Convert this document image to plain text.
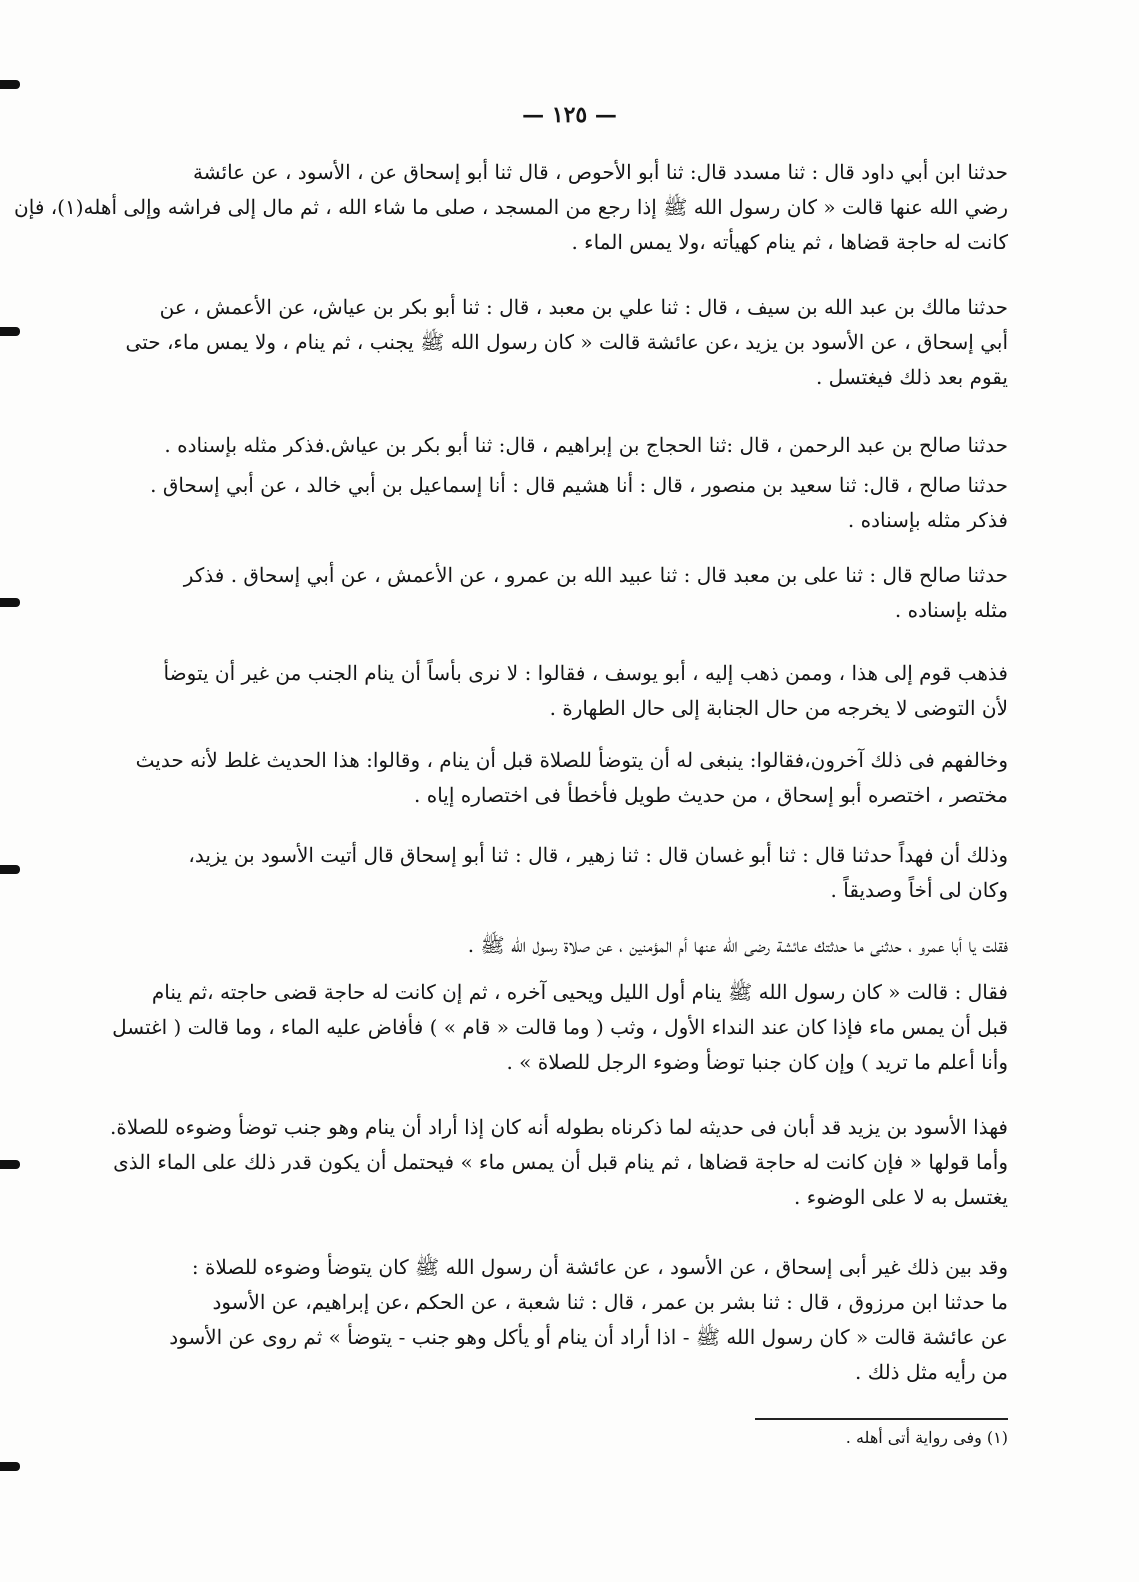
— ١٢٥ —
حدثنا ابن أبي داود قال : ثنا مسدد قال: ثنا أبو الأحوص ، قال ثنا أبو إسحاق عن ، الأسود ، عن عائشة
رضي الله عنها قالت « كان رسول الله ﷺ إذا رجع من المسجد ، صلى ما شاء الله ، ثم مال إلى فراشه وإلى أهله(١)، فإن
كانت له حاجة قضاها ، ثم ينام كهيأته ،ولا يمس الماء .
حدثنا مالك بن عبد الله بن سيف ، قال : ثنا علي بن معبد ، قال : ثنا أبو بكر بن عياش، عن الأعمش ، عن
أبي إسحاق ، عن الأسود بن يزيد ،عن عائشة قالت « كان رسول الله ﷺ يجنب ، ثم ينام ، ولا يمس ماء، حتى
يقوم بعد ذلك فيغتسل .
حدثنا صالح بن عبد الرحمن ، قال :ثنا الحجاج بن إبراهيم ، قال: ثنا أبو بكر بن عياش.فذكر مثله بإسناده .
حدثنا صالح ، قال: ثنا سعيد بن منصور ، قال : أنا هشيم قال : أنا إسماعيل بن أبي خالد ، عن أبي إسحاق .
فذكر مثله بإسناده .
حدثنا صالح قال : ثنا على بن معبد قال : ثنا عبيد الله بن عمرو ، عن الأعمش ، عن أبي إسحاق . فذكر
مثله بإسناده .
فذهب قوم إلى هذا ، وممن ذهب إليه ، أبو يوسف ، فقالوا : لا نرى بأساً أن ينام الجنب من غير أن يتوضأ
لأن التوضى لا يخرجه من حال الجنابة إلى حال الطهارة .
وخالفهم فى ذلك آخرون،فقالوا: ينبغى له أن يتوضأ للصلاة قبل أن ينام ، وقالوا: هذا الحديث غلط لأنه حديث
مختصر ، اختصره أبو إسحاق ، من حديث طويل فأخطأ فى اختصاره إياه .
وذلك أن فهداً حدثنا قال : ثنا أبو غسان قال : ثنا زهير ، قال : ثنا أبو إسحاق قال أتيت الأسود بن يزيد،
وكان لى أخاً وصديقاً .
فقلت يا أبا عمرو ، حدثنى ما حدثتك عائشة رضى الله عنها أم المؤمنين ، عن صلاة رسول الله ﷺ .
فقال : قالت « كان رسول الله ﷺ ينام أول الليل ويحيى آخره ، ثم إن كانت له حاجة قضى حاجته ،ثم ينام
قبل أن يمس ماء فإذا كان عند النداء الأول ، وثب ( وما قالت « قام » ) فأفاض عليه الماء ، وما قالت ( اغتسل
وأنا أعلم ما تريد ) وإن كان جنبا توضأ وضوء الرجل للصلاة » .
فهذا الأسود بن يزيد قد أبان فى حديثه لما ذكرناه بطوله أنه كان إذا أراد أن ينام وهو جنب توضأ وضوءه للصلاة.
وأما قولها « فإن كانت له حاجة قضاها ، ثم ينام قبل أن يمس ماء » فيحتمل أن يكون قدر ذلك على الماء الذى
يغتسل به لا على الوضوء .
وقد بين ذلك غير أبى إسحاق ، عن الأسود ، عن عائشة أن رسول الله ﷺ كان يتوضأ وضوءه للصلاة :
ما حدثنا ابن مرزوق ، قال : ثنا بشر بن عمر ، قال : ثنا شعبة ، عن الحكم ،عن إبراهيم، عن الأسود
عن عائشة قالت « كان رسول الله ﷺ - اذا أراد أن ينام أو يأكل وهو جنب - يتوضأ » ثم روى عن الأسود
من رأيه مثل ذلك .
(١) وفى رواية أتى أهله .
